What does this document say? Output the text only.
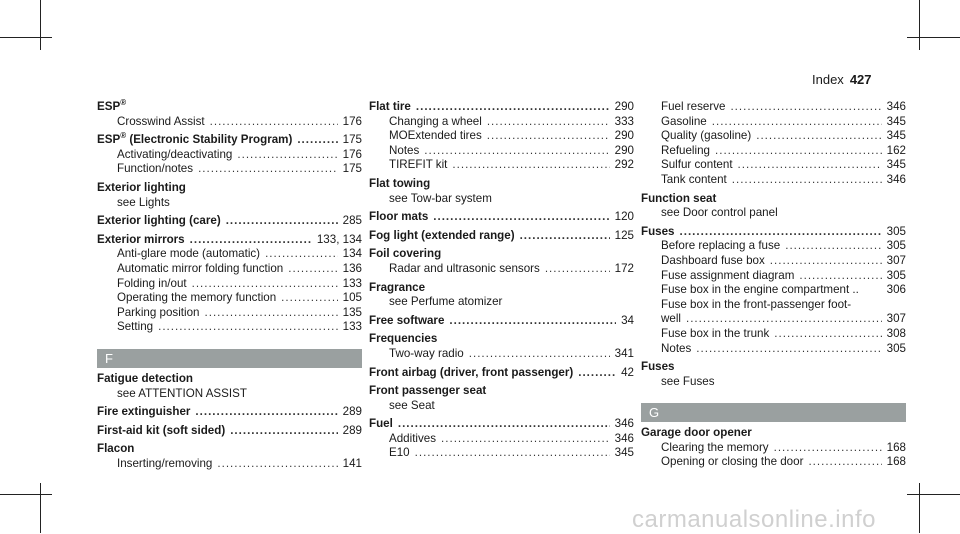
Index 427
ESP®
Crosswind Assist .....	176
ESP® (Electronic Stability Program) .....	175
Activating/deactivating .....	176
Function/notes .....	175
Exterior lighting
see Lights
Exterior lighting (care) .....	285
Exterior mirrors .....	133, 134
Anti-glare mode (automatic) .....	134
Automatic mirror folding function .....	136
Folding in/out .....	133
Operating the memory function .....	105
Parking position .....	135
Setting .....	133
F
Fatigue detection
see ATTENTION ASSIST
Fire extinguisher .....	289
First-aid kit (soft sided) .....	289
Flacon
Inserting/removing .....	141
Flat tire .....	290
Changing a wheel .....	333
MOExtended tires .....	290
Notes .....	290
TIREFIT kit .....	292
Flat towing
see Tow-bar system
Floor mats .....	120
Fog light (extended range) .....	125
Foil covering
Radar and ultrasonic sensors .....	172
Fragrance
see Perfume atomizer
Free software .....	34
Frequencies
Two-way radio .....	341
Front airbag (driver, front passenger) .....	42
Front passenger seat
see Seat
Fuel .....	346
Additives .....	346
E10 .....	345
Fuel reserve .....	346
Gasoline .....	345
Quality (gasoline) .....	345
Refueling .....	162
Sulfur content .....	345
Tank content .....	346
Function seat
see Door control panel
Fuses .....	305
Before replacing a fuse .....	305
Dashboard fuse box .....	307
Fuse assignment diagram .....	305
Fuse box in the engine compartment .. 306
Fuse box in the front-passenger foot-
well .....	307
Fuse box in the trunk .....	308
Notes .....	305
Fuses
see Fuses
G
Garage door opener
Clearing the memory .....	168
Opening or closing the door .....	168
carmanualsonline.info
